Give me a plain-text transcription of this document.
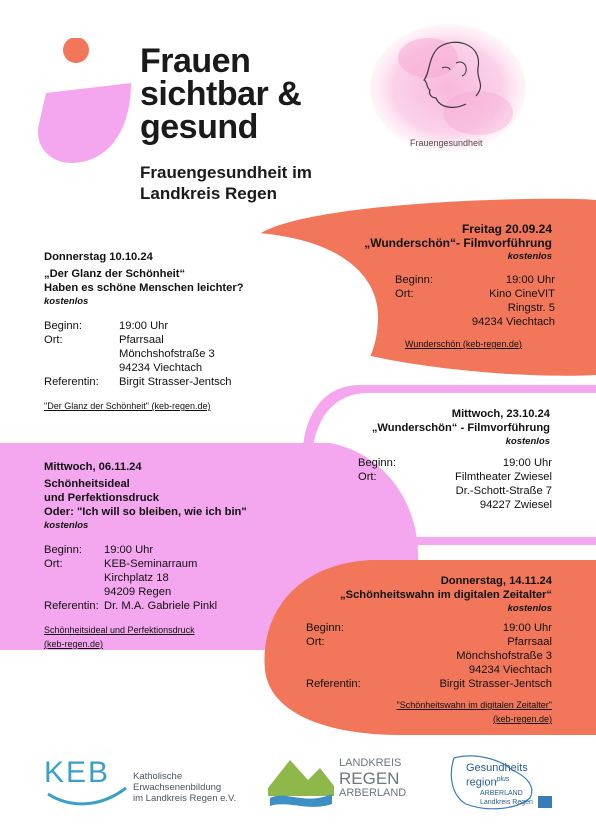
Frauen
sichtbar &
gesund
Frauengesundheit im
Landkreis Regen
Frauengesundheit
Freitag 20.09.24
„Wunderschön“- Filmvorführung
kostenlos
Beginn:	19:00 Uhr
Ort:	Kino CineVIT
Ringstr. 5
94234 Viechtach
Wunderschön (keb-regen.de)
Donnerstag 10.10.24
„Der Glanz der Schönheit“
Haben es schöne Menschen leichter?
kostenlos
Beginn:	19:00 Uhr
Ort:	Pfarrsaal
Mönchshofstraße 3
94234 Viechtach
Referentin:	Birgit Strasser-Jentsch
"Der Glanz der Schönheit" (keb-regen.de)
Mittwoch, 23.10.24
„Wunderschön“ - Filmvorführung
kostenlos
Beginn:	19:00 Uhr
Ort:	Filmtheater Zwiesel
Dr.-Schott-Straße 7
94227 Zwiesel
Mittwoch, 06.11.24
Schönheitsideal
und Perfektionsdruck
Oder: "Ich will so bleiben, wie ich bin"
kostenlos
Beginn:	19:00 Uhr
Ort:	KEB-Seminarraum
Kirchplatz 18
94209 Regen
Referentin: Dr. M.A. Gabriele Pinkl
Schönheitsideal und Perfektionsdruck
(keb-regen.de)
Donnerstag, 14.11.24
„Schönheitswahn im digitalen Zeitalter“
kostenlos
Beginn:	19:00 Uhr
Ort:	Pfarrsaal
Mönchshofstraße 3
94234 Viechtach
Referentin:	Birgit Strasser-Jentsch
"Schönheitswahn im digitalen Zeitalter"
(keb-regen.de)
KEB Katholische
Erwachsenenbildung
im Landkreis Regen e.V.
LANDKREIS
REGEN
ARBERLAND
Gesundheits
region$^{plus}$
ARBERLAND
Landkreis Regen
